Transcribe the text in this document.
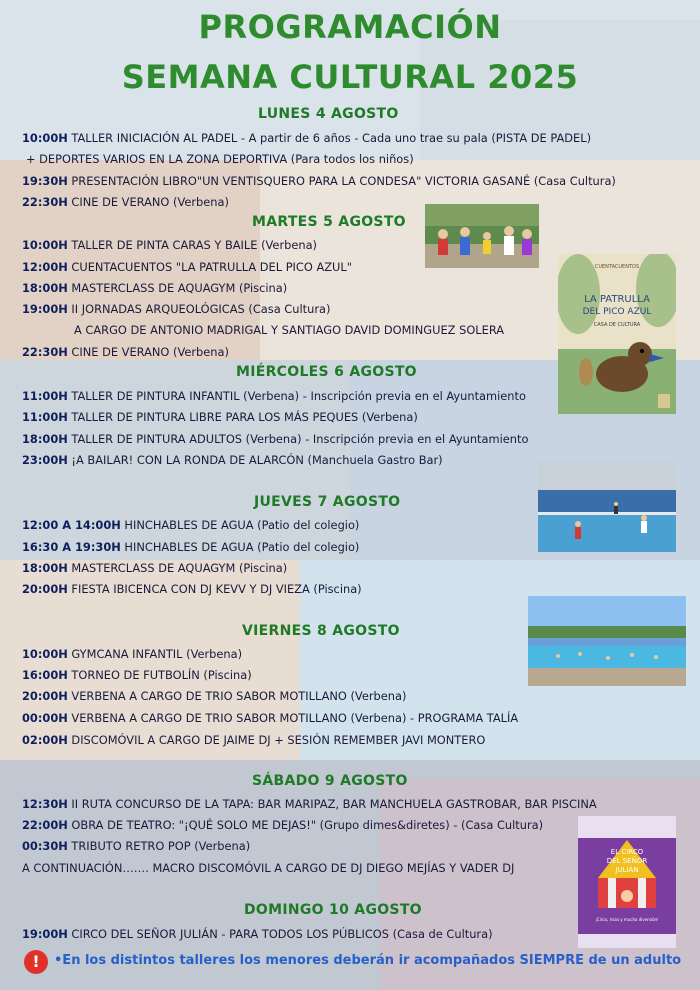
PROGRAMACIÓN
SEMANA CULTURAL 2025
LUNES 4 AGOSTO
10:00H TALLER INICIACIÓN AL PADEL - A partir de 6 años - Cada uno trae su pala (PISTA DE PADEL)
+ DEPORTES VARIOS EN LA ZONA DEPORTIVA (Para todos los niños)
19:30H PRESENTACIÓN LIBRO"UN VENTISQUERO PARA LA CONDESA" VICTORIA GASANÉ (Casa Cultura)
22:30H CINE DE VERANO (Verbena)
MARTES 5 AGOSTO
10:00H TALLER DE PINTA CARAS Y BAILE (Verbena)
12:00H CUENTACUENTOS "LA PATRULLA DEL PICO AZUL"
18:00H MASTERCLASS DE AQUAGYM (Piscina)
19:00H II JORNADAS ARQUEOLÓGICAS (Casa Cultura)
A CARGO DE ANTONIO MADRIGAL Y SANTIAGO DAVID DOMINGUEZ SOLERA
22:30H CINE DE VERANO (Verbena)
MIÉRCOLES 6 AGOSTO
11:00H TALLER DE PINTURA INFANTIL (Verbena) - Inscripción previa en el Ayuntamiento
11:00H TALLER DE PINTURA LIBRE PARA LOS MÁS PEQUES (Verbena)
18:00H TALLER DE PINTURA ADULTOS (Verbena) - Inscripción previa en el Ayuntamiento
23:00H ¡A BAILAR! CON LA RONDA DE ALARCÓN (Manchuela Gastro Bar)
JUEVES 7 AGOSTO
12:00 A 14:00H HINCHABLES DE AGUA (Patio del colegio)
16:30 A 19:30H HINCHABLES DE AGUA (Patio del colegio)
18:00H MASTERCLASS DE AQUAGYM (Piscina)
20:00H FIESTA IBICENCA CON DJ KEVV Y DJ VIEZA (Piscina)
VIERNES 8 AGOSTO
10:00H GYMCANA INFANTIL (Verbena)
16:00H TORNEO DE FUTBOLÍN (Piscina)
20:00H VERBENA A CARGO DE TRIO SABOR MOTILLANO (Verbena)
00:00H VERBENA A CARGO DE TRIO SABOR MOTILLANO (Verbena) - PROGRAMA TALÍA
02:00H DISCOMÓVIL A CARGO DE JAIME DJ + SESIÓN REMEMBER JAVI MONTERO
SÁBADO 9 AGOSTO
12:30H II RUTA CONCURSO DE LA TAPA: BAR MARIPAZ, BAR MANCHUELA GASTROBAR, BAR PISCINA
22:00H OBRA DE TEATRO: "¡QUÉ SOLO ME DEJAS!" (Grupo dimes&diretes) - (Casa Cultura)
00:30H TRIBUTO RETRO POP (Verbena)
A CONTINUACIÓN……. MACRO DISCOMÓVIL A CARGO DE DJ DIEGO MEJÍAS Y VADER DJ
DOMINGO 10 AGOSTO
19:00H CIRCO DEL SEÑOR JULIÁN - PARA TODOS LOS PÚBLICOS (Casa de Cultura)
!	•En los distintos talleres los menores deberán ir acompañados SIEMPRE de un adulto
CUENTACUENTOS
LA PATRULLA
DEL PICO AZUL
CASA DE CULTURA
EL CIRCO
DEL SEÑOR
JULIÁN
¡Circo, risas y mucha diversión!
